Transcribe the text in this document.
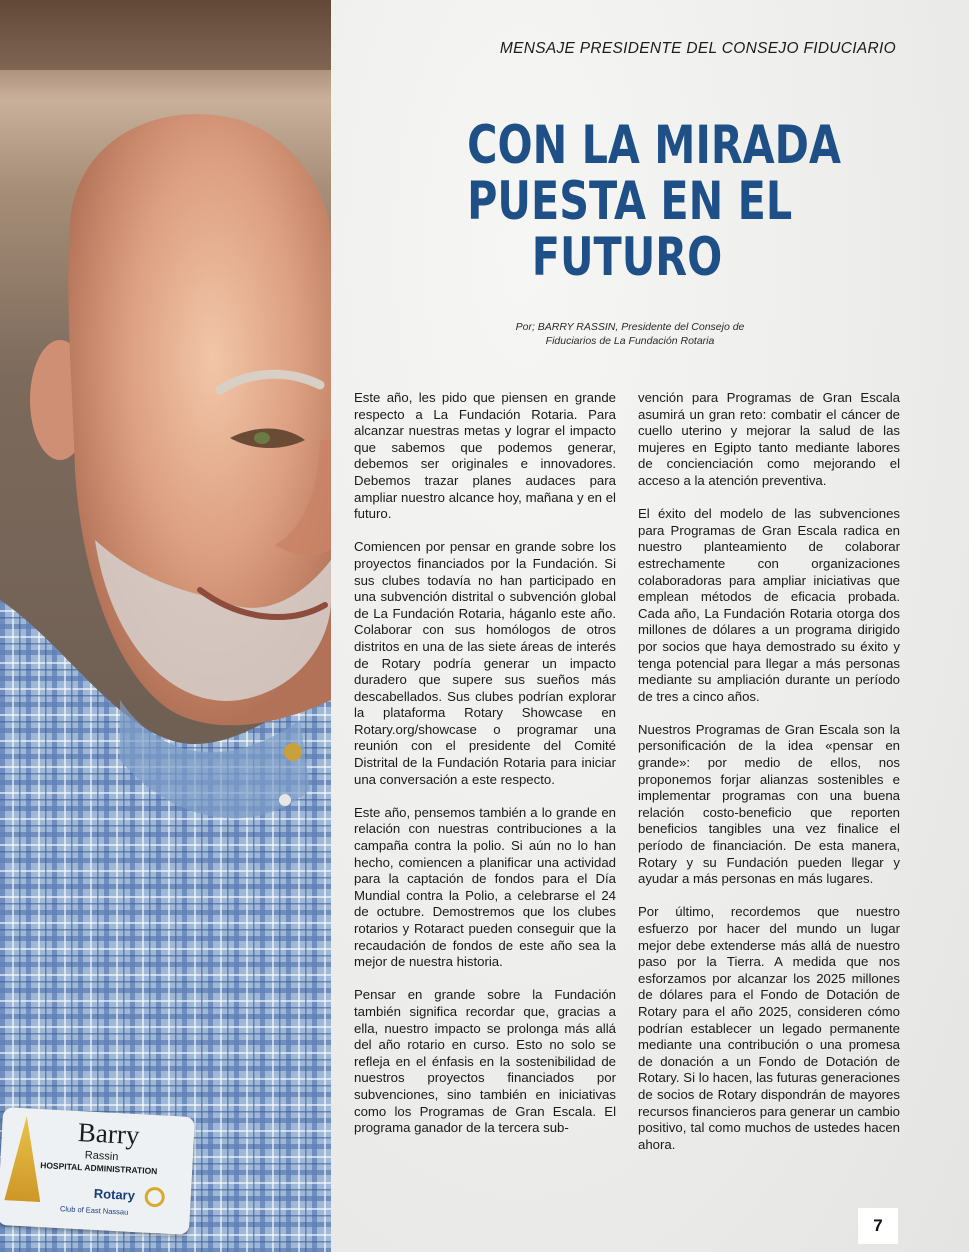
Barry
Rassin
HOSPITAL ADMINISTRATION
Rotary
Club of East Nassau
MENSAJE PRESIDENTE DEL CONSEJO FIDUCIARIO
CON LA MIRADA
PUESTA EN EL
FUTURO
Por; BARRY RASSIN, Presidente del Consejo de
Fiduciarios de La Fundación Rotaria

Este año, les pido que piensen en grande respecto a La Fundación Rotaria. Para alcanzar nuestras metas y lograr el impacto que sabemos que podemos generar, debemos ser originales e innovadores. Debemos trazar planes audaces para ampliar nuestro alcance hoy, mañana y en el futuro.

Comiencen por pensar en grande sobre los proyectos financiados por la Fundación. Si sus clubes todavía no han participado en una subvención distrital o subvención global de La Fundación Rotaria, háganlo este año. Colaborar con sus homólogos de otros distritos en una de las siete áreas de interés de Rotary podría generar un impacto duradero que supere sus sueños más descabellados. Sus clubes podrían explorar la plataforma Rotary Showcase en Rotary.org/showcase o programar una reunión con el presidente del Comité Distrital de la Fundación Rotaria para iniciar una conversación a este respecto.

Este año, pensemos también a lo grande en relación con nuestras contribuciones a la campaña contra la polio. Si aún no lo han hecho, comiencen a planificar una actividad para la captación de fondos para el Día Mundial contra la Polio, a celebrarse el 24 de octubre. Demostremos que los clubes rotarios y Rotaract pueden conseguir que la recaudación de fondos de este año sea la mejor de nuestra historia.

Pensar en grande sobre la Fundación también significa recordar que, gracias a ella, nuestro impacto se prolonga más allá del año rotario en curso. Esto no solo se refleja en el énfasis en la sostenibilidad de nuestros proyectos financiados por subvenciones, sino también en iniciativas como los Programas de Gran Escala. El programa ganador de la tercera sub-

vención para Programas de Gran Escala asumirá un gran reto: combatir el cáncer de cuello uterino y mejorar la salud de las mujeres en Egipto tanto mediante labores de concienciación como mejorando el acceso a la atención preventiva.

El éxito del modelo de las subvenciones para Programas de Gran Escala radica en nuestro planteamiento de colaborar estrechamente con organizaciones colaboradoras para ampliar iniciativas que emplean métodos de eficacia probada. Cada año, La Fundación Rotaria otorga dos millones de dólares a un programa dirigido por socios que haya demostrado su éxito y tenga potencial para llegar a más personas mediante su ampliación durante un período de tres a cinco años.

Nuestros Programas de Gran Escala son la personificación de la idea «pensar en grande»: por medio de ellos, nos proponemos forjar alianzas sostenibles e implementar programas con una buena relación costo-beneficio que reporten beneficios tangibles una vez finalice el período de financiación. De esta manera, Rotary y su Fundación pueden llegar y ayudar a más personas en más lugares.

Por último, recordemos que nuestro esfuerzo por hacer del mundo un lugar mejor debe extenderse más allá de nuestro paso por la Tierra. A medida que nos esforzamos por alcanzar los 2025 millones de dólares para el Fondo de Dotación de Rotary para el año 2025, consideren cómo podrían establecer un legado permanente mediante una contribución o una promesa de donación a un Fondo de Dotación de Rotary. Si lo hacen, las futuras generaciones de socios de Rotary dispondrán de mayores recursos financieros para generar un cambio positivo, tal como muchos de ustedes hacen ahora.

7
